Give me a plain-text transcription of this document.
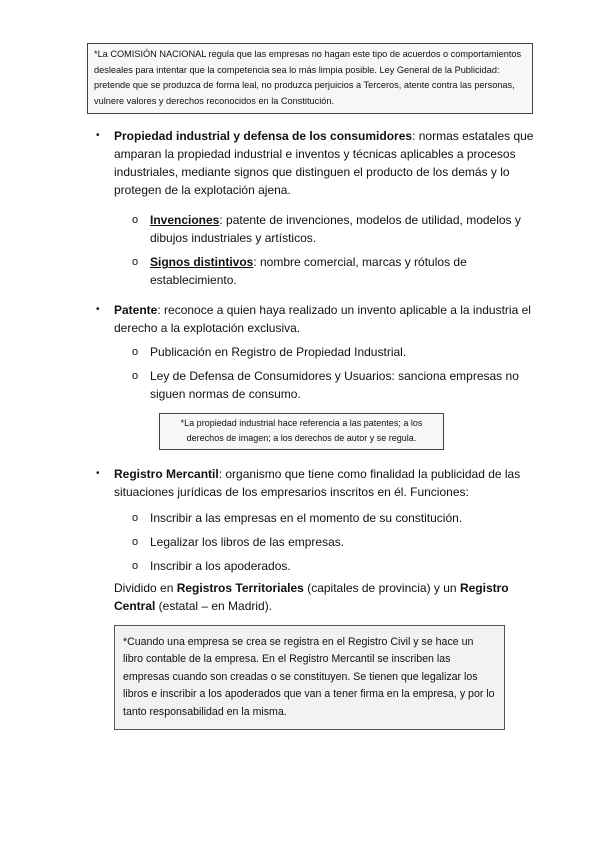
*La COMISIÓN NACIONAL regula que las empresas no hagan este tipo de acuerdos o comportamientos desleales para intentar que la competencia sea lo más limpia posible. Ley General de la Publicidad: pretende que se produzca de forma leal, no produzca perjuicios a Terceros, atente contra las personas, vulnere valores y derechos reconocidos en la Constitución.
• Propiedad industrial y defensa de los consumidores: normas estatales que amparan la propiedad industrial e inventos y técnicas aplicables a procesos industriales, mediante signos que distinguen el producto de los demás y lo protegen de la explotación ajena.
o Invenciones: patente de invenciones, modelos de utilidad, modelos y dibujos industriales y artísticos.
o Signos distintivos: nombre comercial, marcas y rótulos de establecimiento.
• Patente: reconoce a quien haya realizado un invento aplicable a la industria el derecho a la explotación exclusiva.
o Publicación en Registro de Propiedad Industrial.
o Ley de Defensa de Consumidores y Usuarios: sanciona empresas no siguen normas de consumo.
*La propiedad industrial hace referencia a las patentes; a los derechos de imagen; a los derechos de autor y se regula.
• Registro Mercantil: organismo que tiene como finalidad la publicidad de las situaciones jurídicas de los empresarios inscritos en él. Funciones:
o Inscribir a las empresas en el momento de su constitución.
o Legalizar los libros de las empresas.
o Inscribir a los apoderados.
Dividido en Registros Territoriales (capitales de provincia) y un Registro Central (estatal – en Madrid).
*Cuando una empresa se crea se registra en el Registro Civil y se hace un libro contable de la empresa. En el Registro Mercantil se inscriben las empresas cuando son creadas o se constituyen. Se tienen que legalizar los libros e inscribir a los apoderados que van a tener firma en la empresa, y por lo tanto responsabilidad en la misma.
